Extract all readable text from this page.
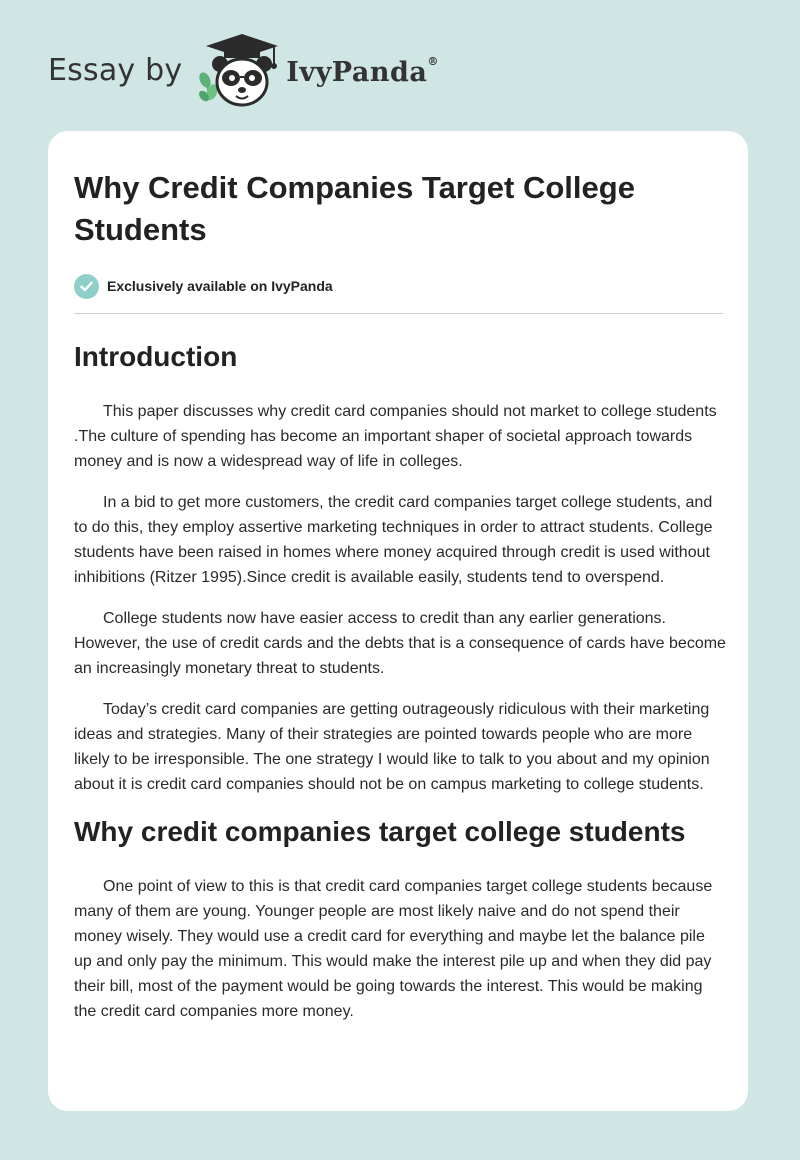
Essay by	IvyPanda®
Why Credit Companies Target College Students
Exclusively available on IvyPanda
Introduction

This paper discusses why credit card companies should not market to college students .The culture of spending has become an important shaper of societal approach towards money and is now a widespread way of life in colleges.

In a bid to get more customers, the credit card companies target college students, and to do this, they employ assertive marketing techniques in order to attract students. College students have been raised in homes where money acquired through credit is used without inhibitions (Ritzer 1995).Since credit is available easily, students tend to overspend.

College students now have easier access to credit than any earlier generations. However, the use of credit cards and the debts that is a consequence of cards have become an increasingly monetary threat to students.

Today’s credit card companies are getting outrageously ridiculous with their marketing ideas and strategies. Many of their strategies are pointed towards people who are more likely to be irresponsible. The one strategy I would like to talk to you about and my opinion about it is credit card companies should not be on campus marketing to college students.

Why credit companies target college students

One point of view to this is that credit card companies target college students because many of them are young. Younger people are most likely naive and do not spend their money wisely. They would use a credit card for everything and maybe let the balance pile up and only pay the minimum. This would make the interest pile up and when they did pay their bill, most of the payment would be going towards the interest. This would be making the credit card companies more money.
